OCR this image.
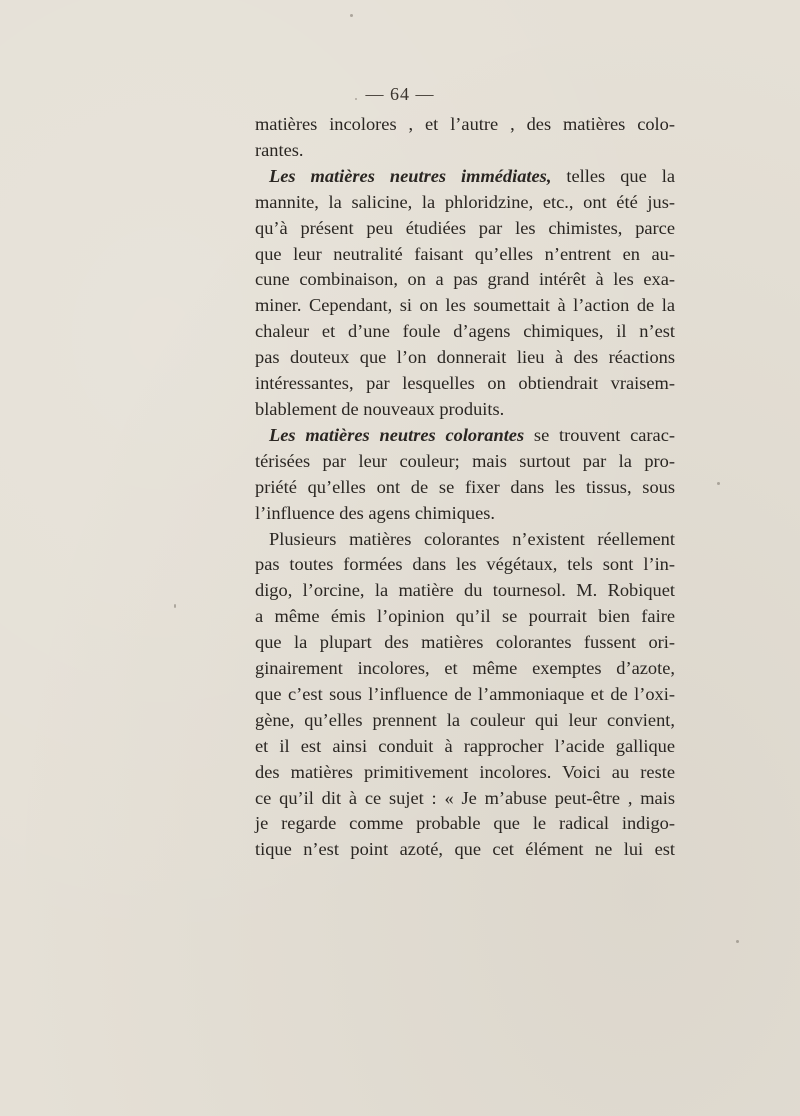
— 64 —
matières incolores , et l’autre , des matières colo-
rantes.
Les matières neutres immédiates, telles que la
mannite, la salicine, la phloridzine, etc., ont été jus-
qu’à présent peu étudiées par les chimistes, parce
que leur neutralité faisant qu’elles n’entrent en au-
cune combinaison, on a pas grand intérêt à les exa-
miner. Cependant, si on les soumettait à l’action de la
chaleur et d’une foule d’agens chimiques, il n’est
pas douteux que l’on donnerait lieu à des réactions
intéressantes, par lesquelles on obtiendrait vraisem-
blablement de nouveaux produits.
Les matières neutres colorantes se trouvent carac-
térisées par leur couleur; mais surtout par la pro-
priété qu’elles ont de se fixer dans les tissus, sous
l’influence des agens chimiques.
Plusieurs matières colorantes n’existent réellement
pas toutes formées dans les végétaux, tels sont l’in-
digo, l’orcine, la matière du tournesol. M. Robiquet
a même émis l’opinion qu’il se pourrait bien faire
que la plupart des matières colorantes fussent ori-
ginairement incolores, et même exemptes d’azote,
que c’est sous l’influence de l’ammoniaque et de l’oxi-
gène, qu’elles prennent la couleur qui leur convient,
et il est ainsi conduit à rapprocher l’acide gallique
des matières primitivement incolores. Voici au reste
ce qu’il dit à ce sujet : « Je m’abuse peut-être , mais
je regarde comme probable que le radical indigo-
tique n’est point azoté, que cet élément ne lui est
